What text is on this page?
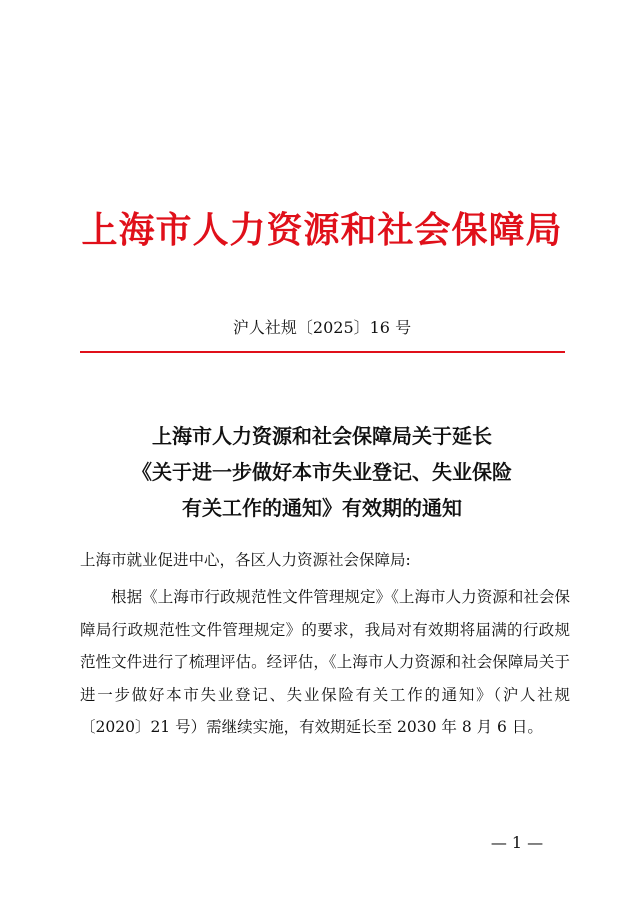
上海市人力资源和社会保障局
沪人社规〔2025〕16 号
上海市人力资源和社会保障局关于延长
《关于进一步做好本市失业登记、失业保险
有关工作的通知》有效期的通知
上海市就业促进中心，各区人力资源社会保障局:

根据《上海市行政规范性文件管理规定》《上海市人力资源和社会保障局行政规范性文件管理规定》的要求，我局对有效期将届满的行政规范性文件进行了梳理评估。经评估，《上海市人力资源和社会保障局关于进一步做好本市失业登记、失业保险有关工作的通知》（沪人社规〔2020〕21 号）需继续实施，有效期延长至 2030 年 8 月 6 日。

— 1 —
